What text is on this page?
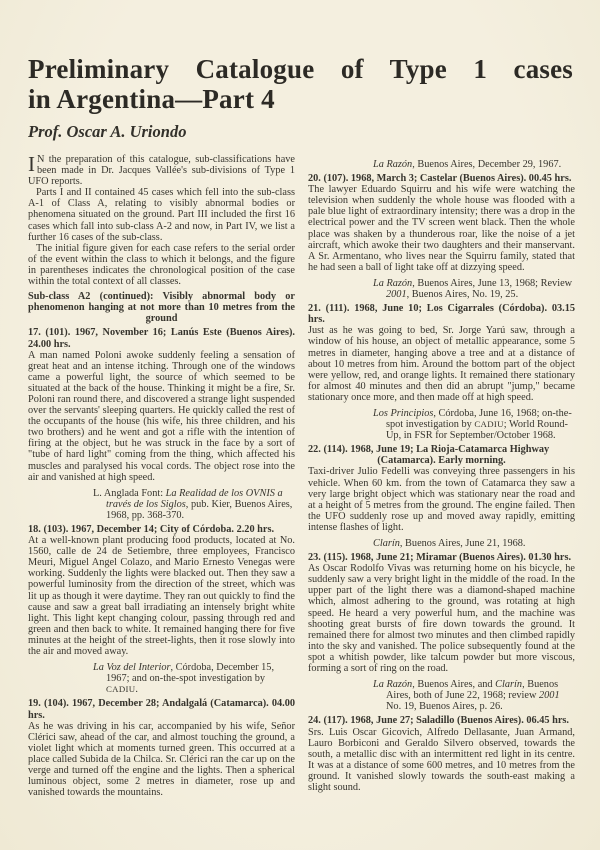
Preliminary Catalogue of Type 1 cases
in Argentina—Part 4
Prof. Oscar A. Uriondo
I N the preparation of this catalogue, sub-classifications have been made in Dr. Jacques Vallée's sub-divisions of Type 1 UFO reports.
Parts I and II contained 45 cases which fell into the sub-class A-1 of Class A, relating to visibly abnormal bodies or phenomena situated on the ground. Part III included the first 16 cases which fall into sub-class A-2 and now, in Part IV, we list a further 16 cases of the sub-class.
The initial figure given for each case refers to the serial order of the event within the class to which it belongs, and the figure in parentheses indicates the chronological position of the case within the total context of all classes.
Sub-class A2 (continued): Visibly abnormal body or phenomenon hanging at not more than 10 metres from the ground
17. (101). 1967, November 16; Lanús Este (Buenos Aires). 24.00 hrs.
A man named Poloni awoke suddenly feeling a sensation of great heat and an intense itching. Through one of the windows came a powerful light, the source of which seemed to be situated at the back of the house. Thinking it might be a fire, Sr. Poloni ran round there, and discovered a strange light suspended over the servants' sleeping quarters. He quickly called the rest of the occupants of the house (his wife, his three children, and his two brothers) and he went and got a rifle with the intention of firing at the object, but he was struck in the face by a sort of "tube of hard light" coming from the thing, which affected his muscles and paralysed his vocal cords. The object rose into the air and vanished at high speed.
L. Anglada Font: La Realidad de los OVNIS a través de los Siglos, pub. Kier, Buenos Aires, 1968, pp. 368-370.
18. (103). 1967, December 14; City of Córdoba. 2.20 hrs.
At a well-known plant producing food products, located at No. 1560, calle de 24 de Setiembre, three employees, Francisco Meuri, Miguel Angel Colazo, and Mario Ernesto Venegas were working. Suddenly the lights were blacked out. Then they saw a powerful luminosity from the direction of the street, which was lit up as though it were daytime. They ran out quickly to find the cause and saw a great ball irradiating an intensely bright white light. This light kept changing colour, passing through red and green and then back to white. It remained hanging there for five minutes at the height of the street-lights, then it rose slowly into the air and moved away.
La Voz del Interior, Córdoba, December 15, 1967; and on-the-spot investigation by CADIU.
19. (104). 1967, December 28; Andalgalá (Catamarca). 04.00 hrs.
As he was driving in his car, accompanied by his wife, Señor Clérici saw, ahead of the car, and almost touching the ground, a violet light which at moments turned green. This occurred at a place called Subida de la Chilca. Sr. Clérici ran the car up on the verge and turned off the engine and the lights. Then a spherical luminous object, some 2 metres in diameter, rose up and vanished towards the mountains.
La Razón, Buenos Aires, December 29, 1967.
20. (107). 1968, March 3; Castelar (Buenos Aires). 00.45 hrs.
The lawyer Eduardo Squirru and his wife were watching the television when suddenly the whole house was flooded with a pale blue light of extraordinary intensity; there was a drop in the electrical power and the TV screen went black. Then the whole place was shaken by a thunderous roar, like the noise of a jet aircraft, which awoke their two daughters and their manservant. A Sr. Armentano, who lives near the Squirru family, stated that he had seen a ball of light take off at dizzying speed.
La Razón, Buenos Aires, June 13, 1968; Review 2001, Buenos Aires, No. 19, 25.
21. (111). 1968, June 10; Los Cigarrales (Córdoba). 03.15 hrs.
Just as he was going to bed, Sr. Jorge Yarú saw, through a window of his house, an object of metallic appearance, some 5 metres in diameter, hanging above a tree and at a distance of about 10 metres from him. Around the bottom part of the object were yellow, red, and orange lights. It remained there stationary for almost 40 minutes and then did an abrupt "jump," became stationary once more, and then made off at high speed.
Los Principios, Córdoba, June 16, 1968; on-the-spot investigation by CADIU; World Round-Up, in FSR for September/October 1968.
22. (114). 1968, June 19; La Rioja-Catamarca Highway
(Catamarca). Early morning.
Taxi-driver Julio Fedelli was conveying three passengers in his vehicle. When 60 km. from the town of Catamarca they saw a very large bright object which was stationary near the road and at a height of 5 metres from the ground. The engine failed. Then the UFO suddenly rose up and moved away rapidly, emitting intense flashes of light.
Clarín, Buenos Aires, June 21, 1968.
23. (115). 1968, June 21; Miramar (Buenos Aires). 01.30 hrs.
As Oscar Rodolfo Vivas was returning home on his bicycle, he suddenly saw a very bright light in the middle of the road. In the upper part of the light there was a diamond-shaped machine which, almost adhering to the ground, was rotating at high speed. He heard a very powerful hum, and the machine was shooting great bursts of fire down towards the ground. It remained there for almost two minutes and then climbed rapidly into the sky and vanished. The police subsequently found at the spot a whitish powder, like talcum powder but more viscous, forming a sort of ring on the road.
La Razón, Buenos Aires, and Clarín, Buenos Aires, both of June 22, 1968; review 2001 No. 19, Buenos Aires, p. 26.
24. (117). 1968, June 27; Saladillo (Buenos Aires). 06.45 hrs.
Srs. Luis Oscar Gicovich, Alfredo Dellasante, Juan Armand, Lauro Borbiconi and Geraldo Silvero observed, towards the south, a metallic disc with an intermittent red light in its centre. It was at a distance of some 600 metres, and 10 metres from the ground. It vanished slowly towards the south-east making a slight sound.
